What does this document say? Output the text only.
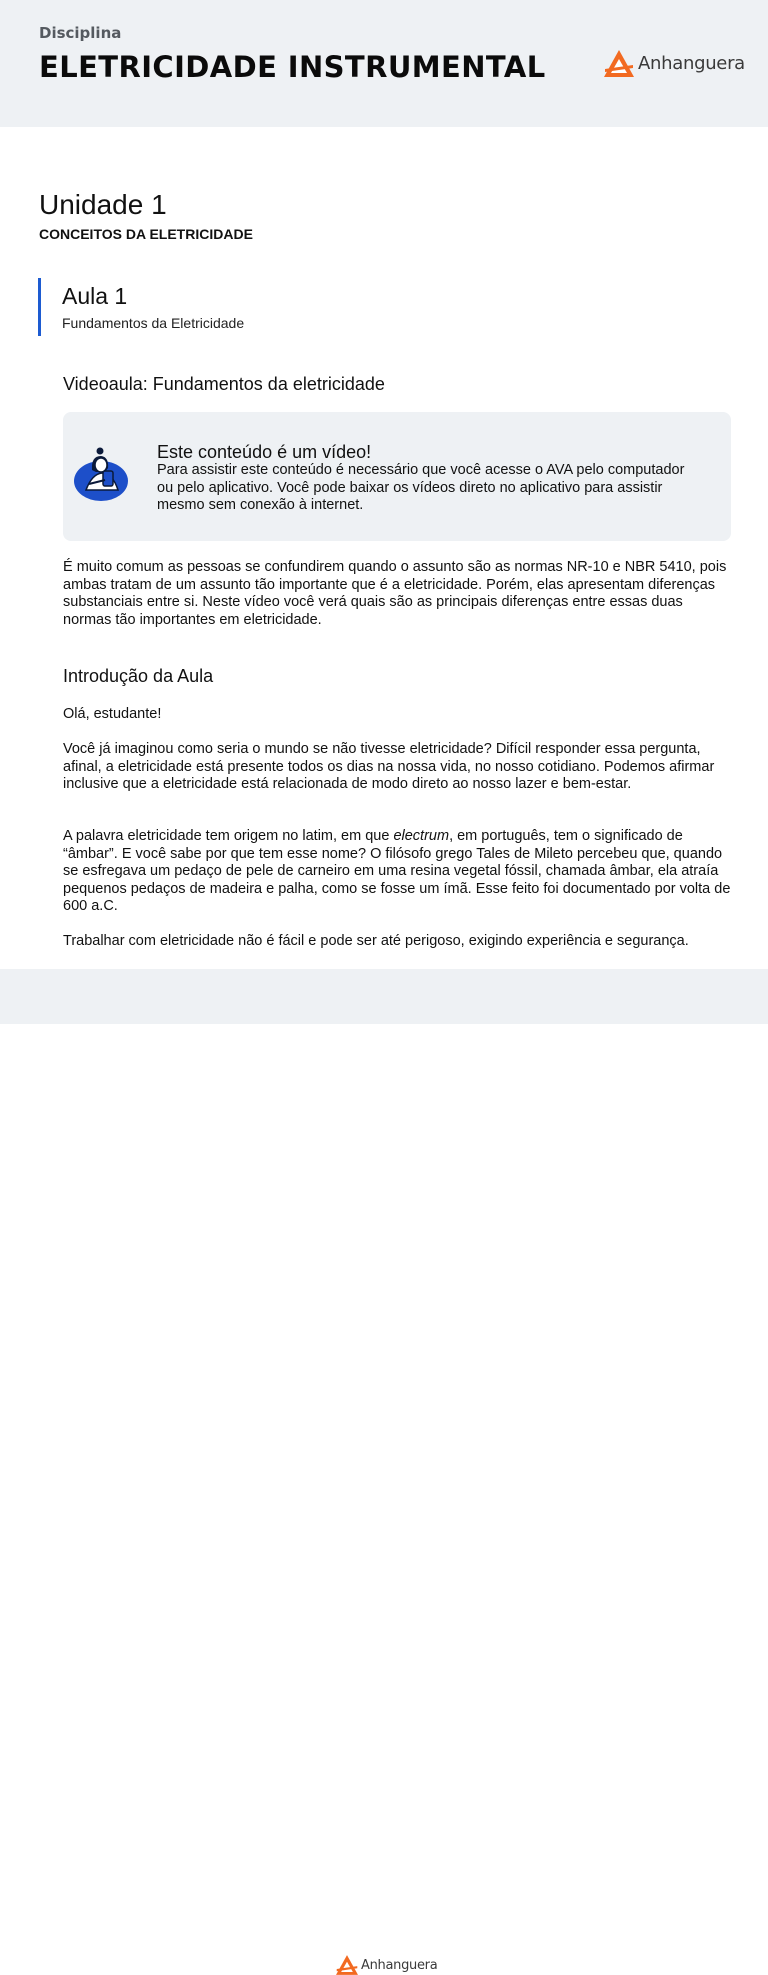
Disciplina
ELETRICIDADE INSTRUMENTAL	Anhanguera
Unidade 1
CONCEITOS DA ELETRICIDADE
Aula 1
Fundamentos da Eletricidade
Videoaula: Fundamentos da eletricidade
Este conteúdo é um vídeo!
Para assistir este conteúdo é necessário que você acesse o AVA pelo computador ou pelo aplicativo. Você pode baixar os vídeos direto no aplicativo para assistir mesmo sem conexão à internet.

É muito comum as pessoas se confundirem quando o assunto são as normas NR-10 e NBR 5410, pois ambas tratam de um assunto tão importante que é a eletricidade. Porém, elas apresentam diferenças substanciais entre si. Neste vídeo você verá quais são as principais diferenças entre essas duas normas tão importantes em eletricidade.

Introdução da Aula

Olá, estudante!

Você já imaginou como seria o mundo se não tivesse eletricidade? Difícil responder essa pergunta, afinal, a eletricidade está presente todos os dias na nossa vida, no nosso cotidiano. Podemos afirmar inclusive que a eletricidade está relacionada de modo direto ao nosso lazer e bem-estar.

A palavra eletricidade tem origem no latim, em que electrum, em português, tem o significado de “âmbar”. E você sabe por que tem esse nome? O filósofo grego Tales de Mileto percebeu que, quando se esfregava um pedaço de pele de carneiro em uma resina vegetal fóssil, chamada âmbar, ela atraía pequenos pedaços de madeira e palha, como se fosse um ímã. Esse feito foi documentado por volta de 600 a.C.

Trabalhar com eletricidade não é fácil e pode ser até perigoso, exigindo experiência e segurança.

Anhanguera
